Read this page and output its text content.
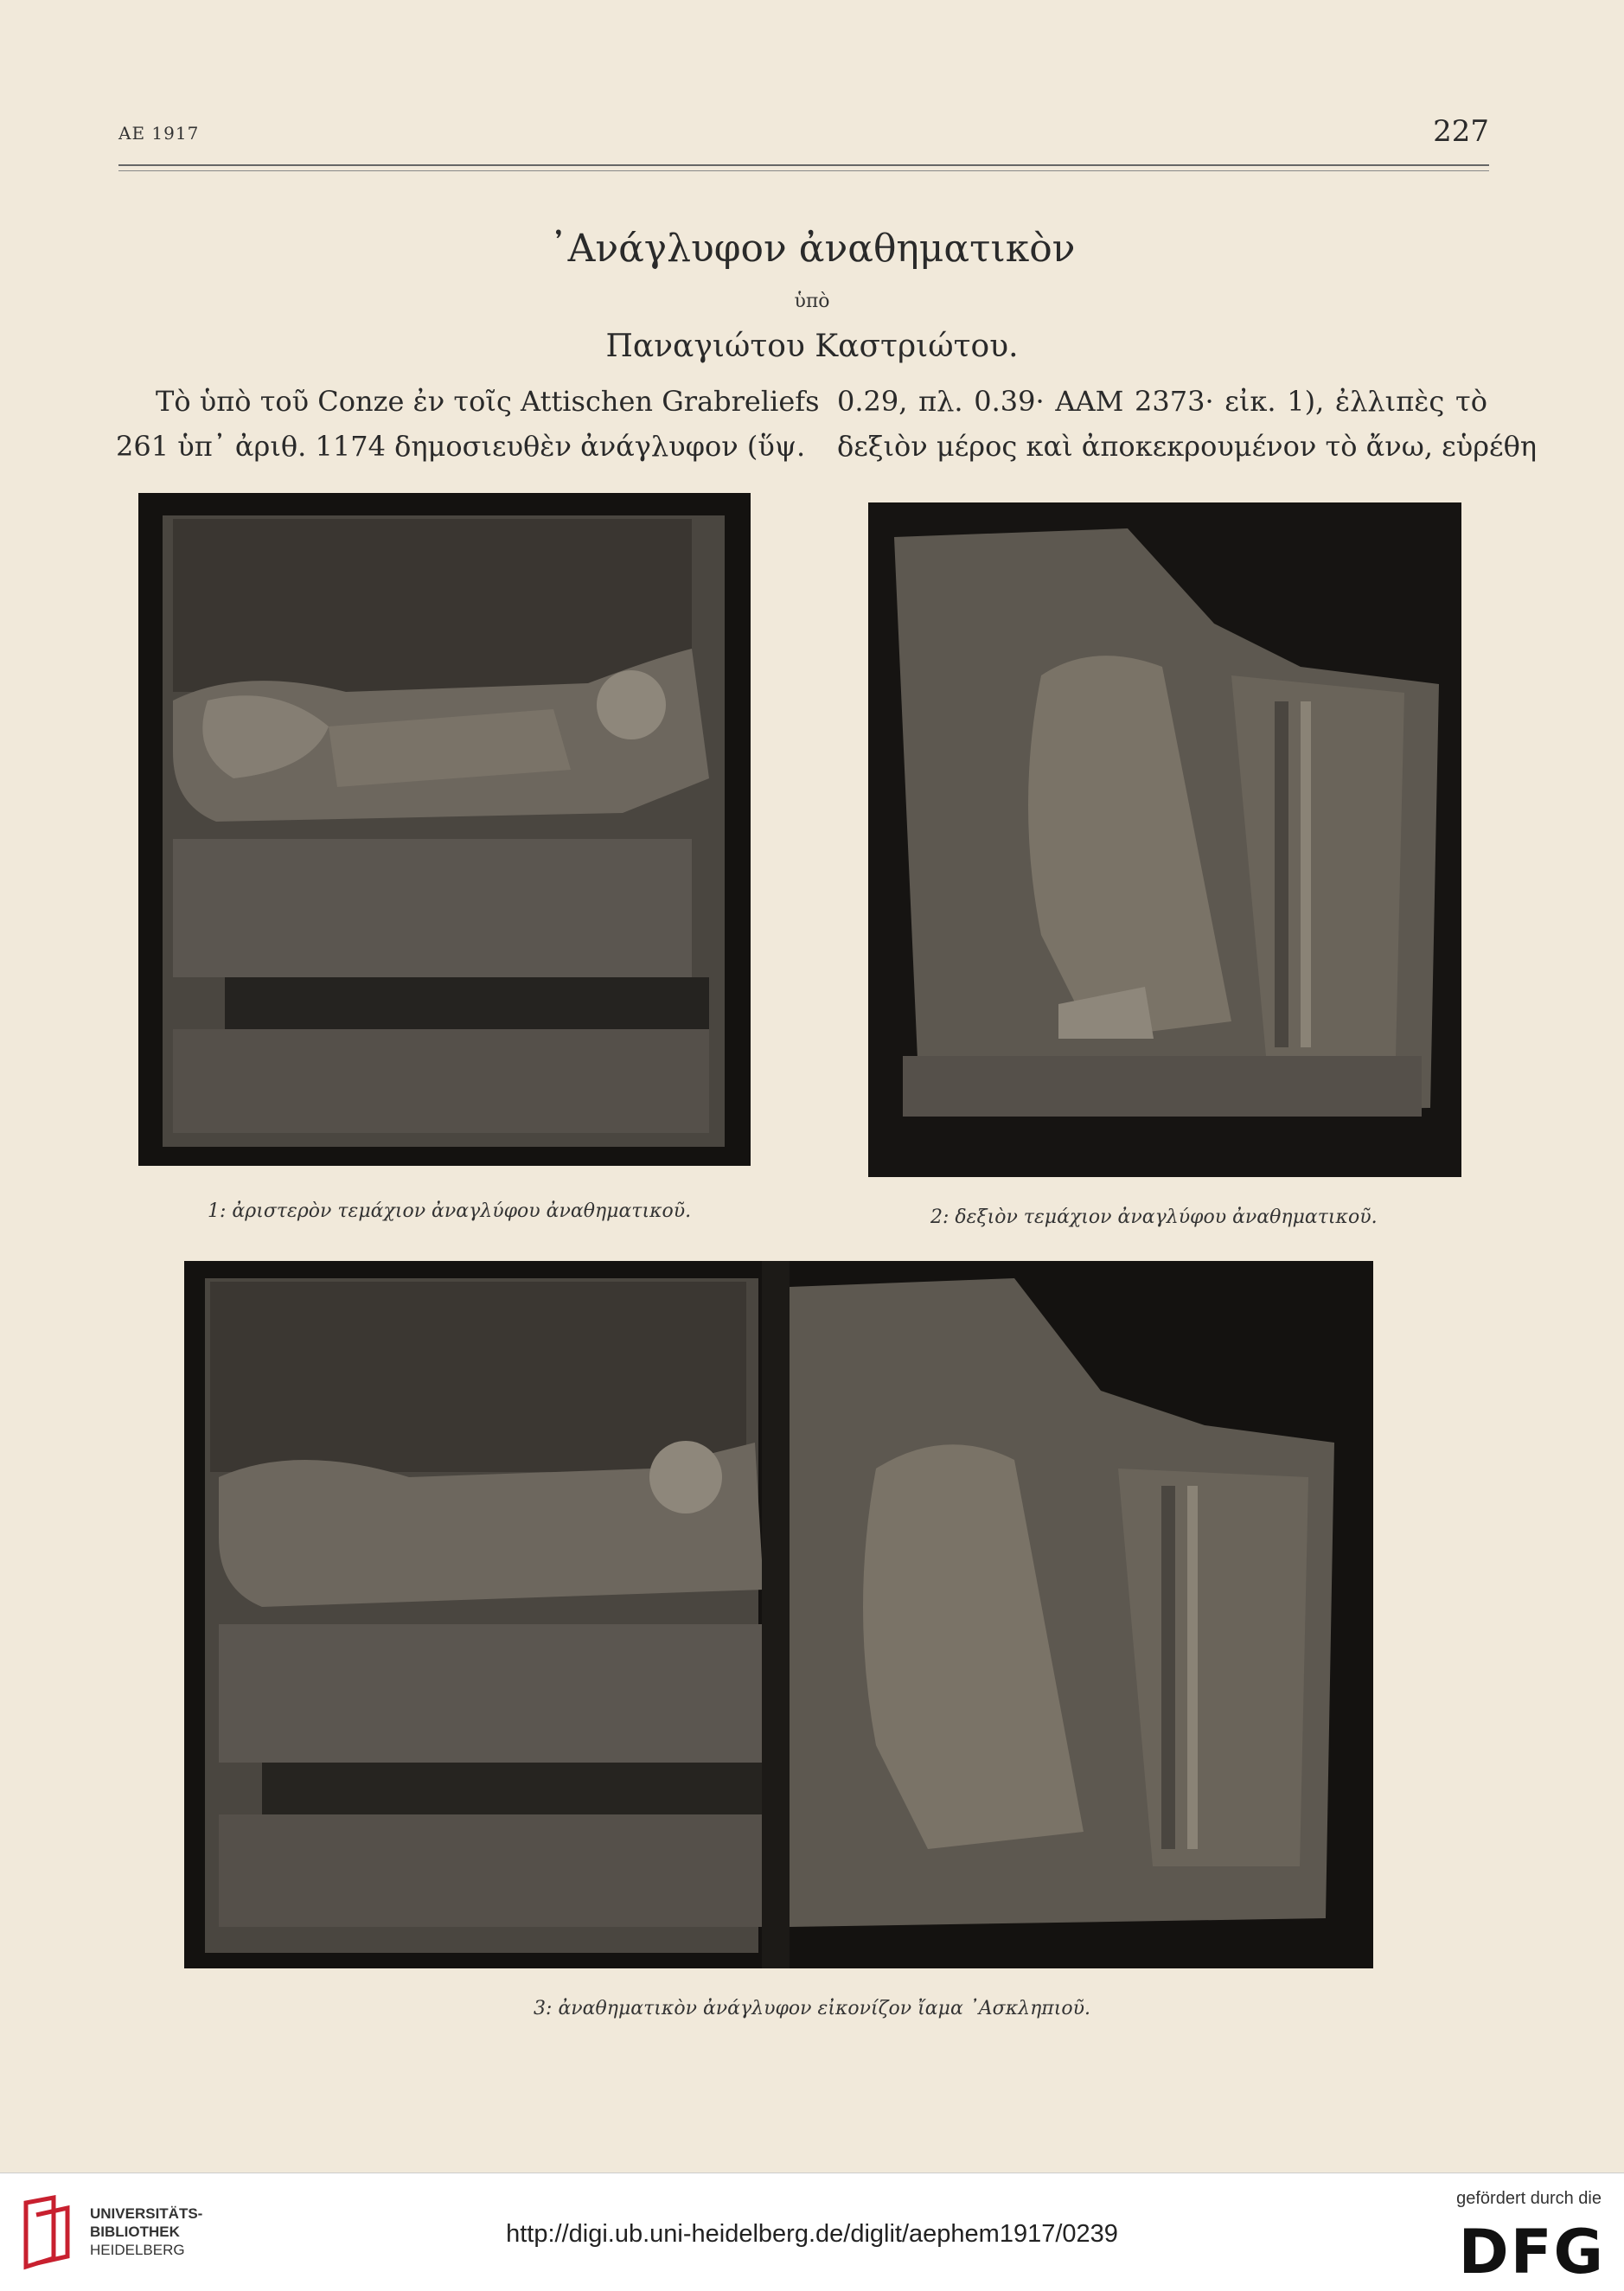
AE 1917	227
᾿Ανάγλυφον ἀναθηματικὸν
ὑπὸ
Παναγιώτου Καστριώτου.
Τὸ ὑπὸ τοῦ Conze ἐν τοῖς Attischen Grabreliefs
261 ὑπ᾿ ἀριθ. 1174 δημοσιευθὲν ἀνάγλυφον (ὕψ.
0.29, πλ. 0.39· ΑΑΜ 2373· εἰκ. 1), ἐλλιπὲς τὸ
δεξιὸν μέρος καὶ ἀποκεκρουμένον τὸ ἄνω, εὑρέθη
1: ἀριστερὸν τεμάχιον ἀναγλύφου ἀναθηματικοῦ.	2: δεξιὸν τεμάχιον ἀναγλύφου ἀναθηματικοῦ.
3: ἀναθηματικὸν ἀνάγλυφον εἰκονίζον ἴαμα ᾿Ασκληπιοῦ.
UNIVERSITÄTS-
BIBLIOTHEK
HEIDELBERG
http://digi.ub.uni-heidelberg.de/diglit/aephem1917/0239
gefördert durch die
DFG
